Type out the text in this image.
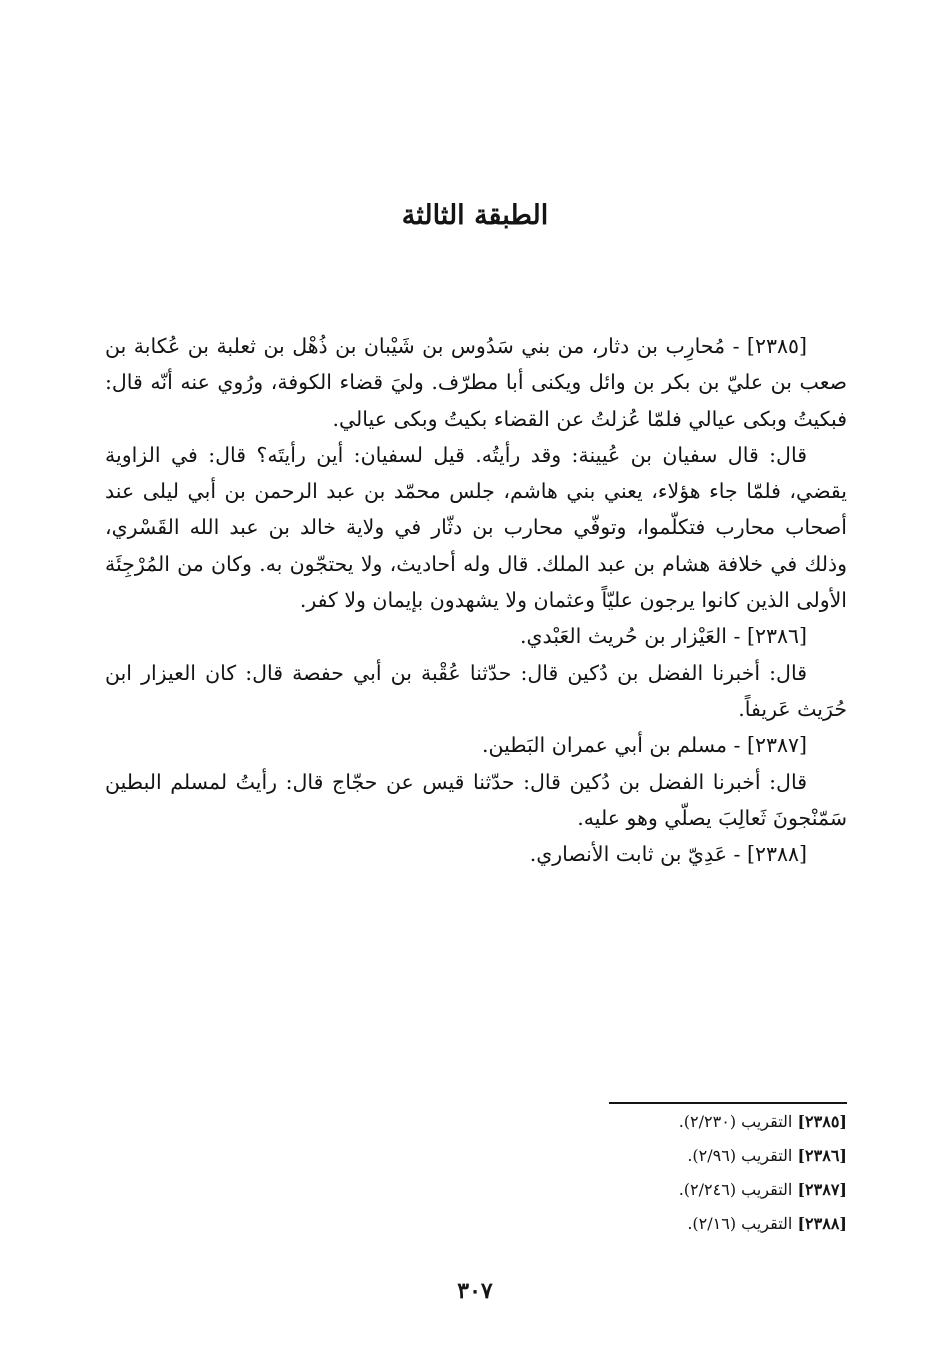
الطبقة الثالثة

[٢٣٨٥] - مُحارِب بن دثار، من بني سَدُوس بن شَيْبان بن ذُهْل بن ثعلبة بن عُكابة بن صعب بن عليّ بن بكر بن وائل ويكنى أبا مطرّف. وليَ قضاء الكوفة، ورُوي عنه أنّه قال: فبكيتُ وبكى عيالي فلمّا عُزلتُ عن القضاء بكيتُ وبكى عيالي.

قال: قال سفيان بن عُيينة: وقد رأيتُه. قيل لسفيان: أين رأيتَه؟ قال: في الزاوية يقضي، فلمّا جاء هؤلاء، يعني بني هاشم، جلس محمّد بن عبد الرحمن بن أبي ليلى عند أصحاب محارب فتكلّموا، وتوفّي محارب بن دثّار في ولاية خالد بن عبد الله القَسْري، وذلك في خلافة هشام بن عبد الملك. قال وله أحاديث، ولا يحتجّون به. وكان من المُرْجِئَة الأولى الذين كانوا يرجون عليّاً وعثمان ولا يشهدون بإيمان ولا كفر.

[٢٣٨٦] - العَيْزار بن حُريث العَبْدي.

قال: أخبرنا الفضل بن دُكين قال: حدّثنا عُقْبة بن أبي حفصة قال: كان العيزار ابن حُرَيث عَريفاً.

[٢٣٨٧] - مسلم بن أبي عمران البَطين.

قال: أخبرنا الفضل بن دُكين قال: حدّثنا قيس عن حجّاج قال: رأيتُ لمسلم البطين سَمّنْجونَ ثَعالِبَ يصلّي وهو عليه.

[٢٣٨٨] - عَدِيّ بن ثابت الأنصاري.

[٢٣٨٥] التقريب (٢/٢٣٠).

[٢٣٨٦] التقريب (٢/٩٦).

[٢٣٨٧] التقريب (٢/٢٤٦).

[٢٣٨٨] التقريب (٢/١٦).

٣٠٧
